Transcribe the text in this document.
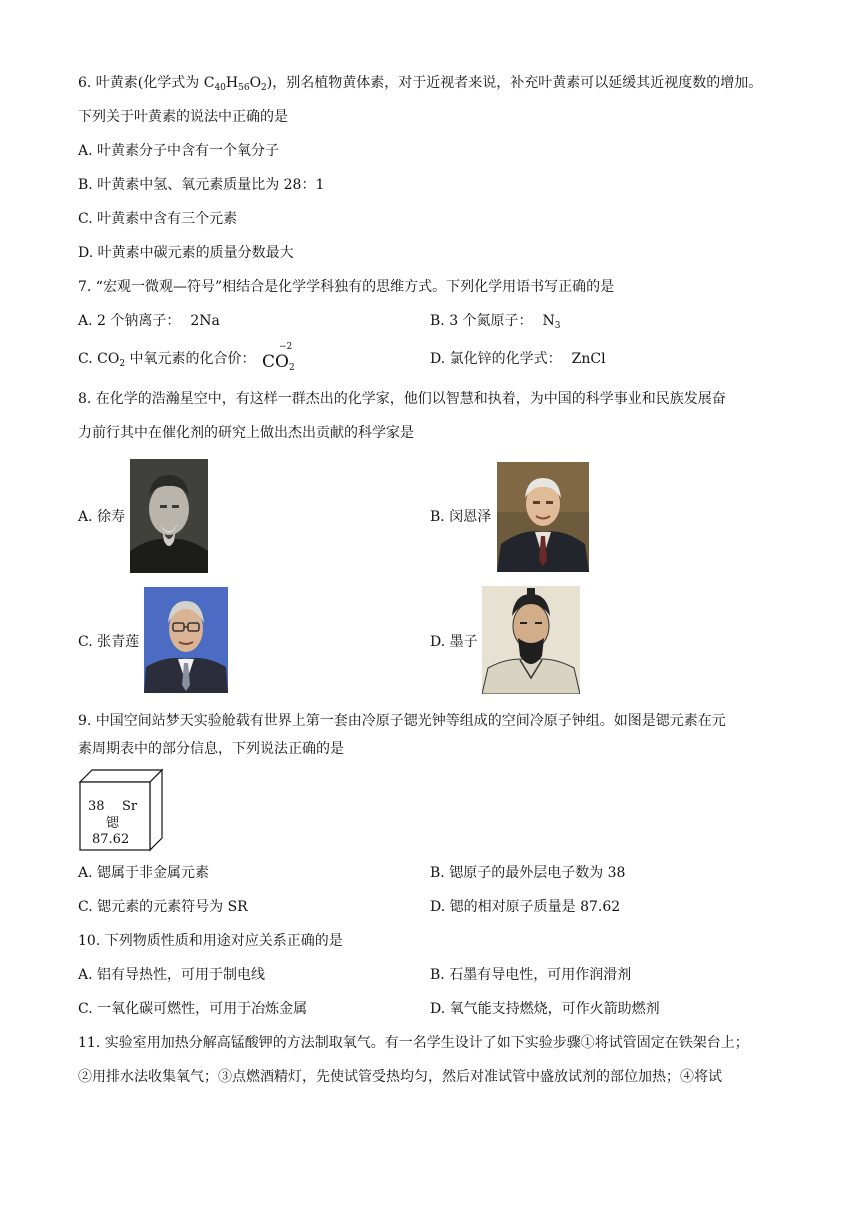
6. 叶黄素(化学式为 $C_{40}H_{56}O_2$)，别名植物黄体素，对于近视者来说，补充叶黄素可以延缓其近视度数的增加。
下列关于叶黄素的说法中正确的是
A. 叶黄素分子中含有一个氧分子
B. 叶黄素中氢、氧元素质量比为 28：1
C. 叶黄素中含有三个元素
D. 叶黄素中碳元素的质量分数最大
7. “宏观一微观—符号”相结合是化学学科独有的思维方式。下列化学用语书写正确的是
A. 2 个钠离子： 2Na	B. 3 个氮原子： $N_3$
C. $CO_2$ 中氧元素的化合价：
−2
$CO_2$
D. 氯化锌的化学式： ZnCl
8. 在化学的浩瀚星空中，有这样一群杰出的化学家，他们以智慧和执着，为中国的科学事业和民族发展奋
力前行其中在催化剂的研究上做出杰出贡献的科学家是
A. 徐寿	B. 闵恩泽
C. 张青莲	D. 墨子
9. 中国空间站梦天实验舱载有世界上第一套由冷原子锶光钟等组成的空间冷原子钟组。如图是锶元素在元
素周期表中的部分信息，下列说法正确的是
38 Sr
锶
87.62
A. 锶属于非金属元素	B. 锶原子的最外层电子数为 38
C. 锶元素的元素符号为 SR	D. 锶的相对原子质量是 87.62
10. 下列物质性质和用途对应关系正确的是
A. 铝有导热性，可用于制电线	B. 石墨有导电性，可用作润滑剂
C. 一氧化碳可燃性，可用于冶炼金属	D. 氧气能支持燃烧，可作火箭助燃剂
11. 实验室用加热分解高锰酸钾的方法制取氧气。有一名学生设计了如下实验步骤①将试管固定在铁架台上；
②用排水法收集氧气；③点燃酒精灯，先使试管受热均匀，然后对准试管中盛放试剂的部位加热；④将试
